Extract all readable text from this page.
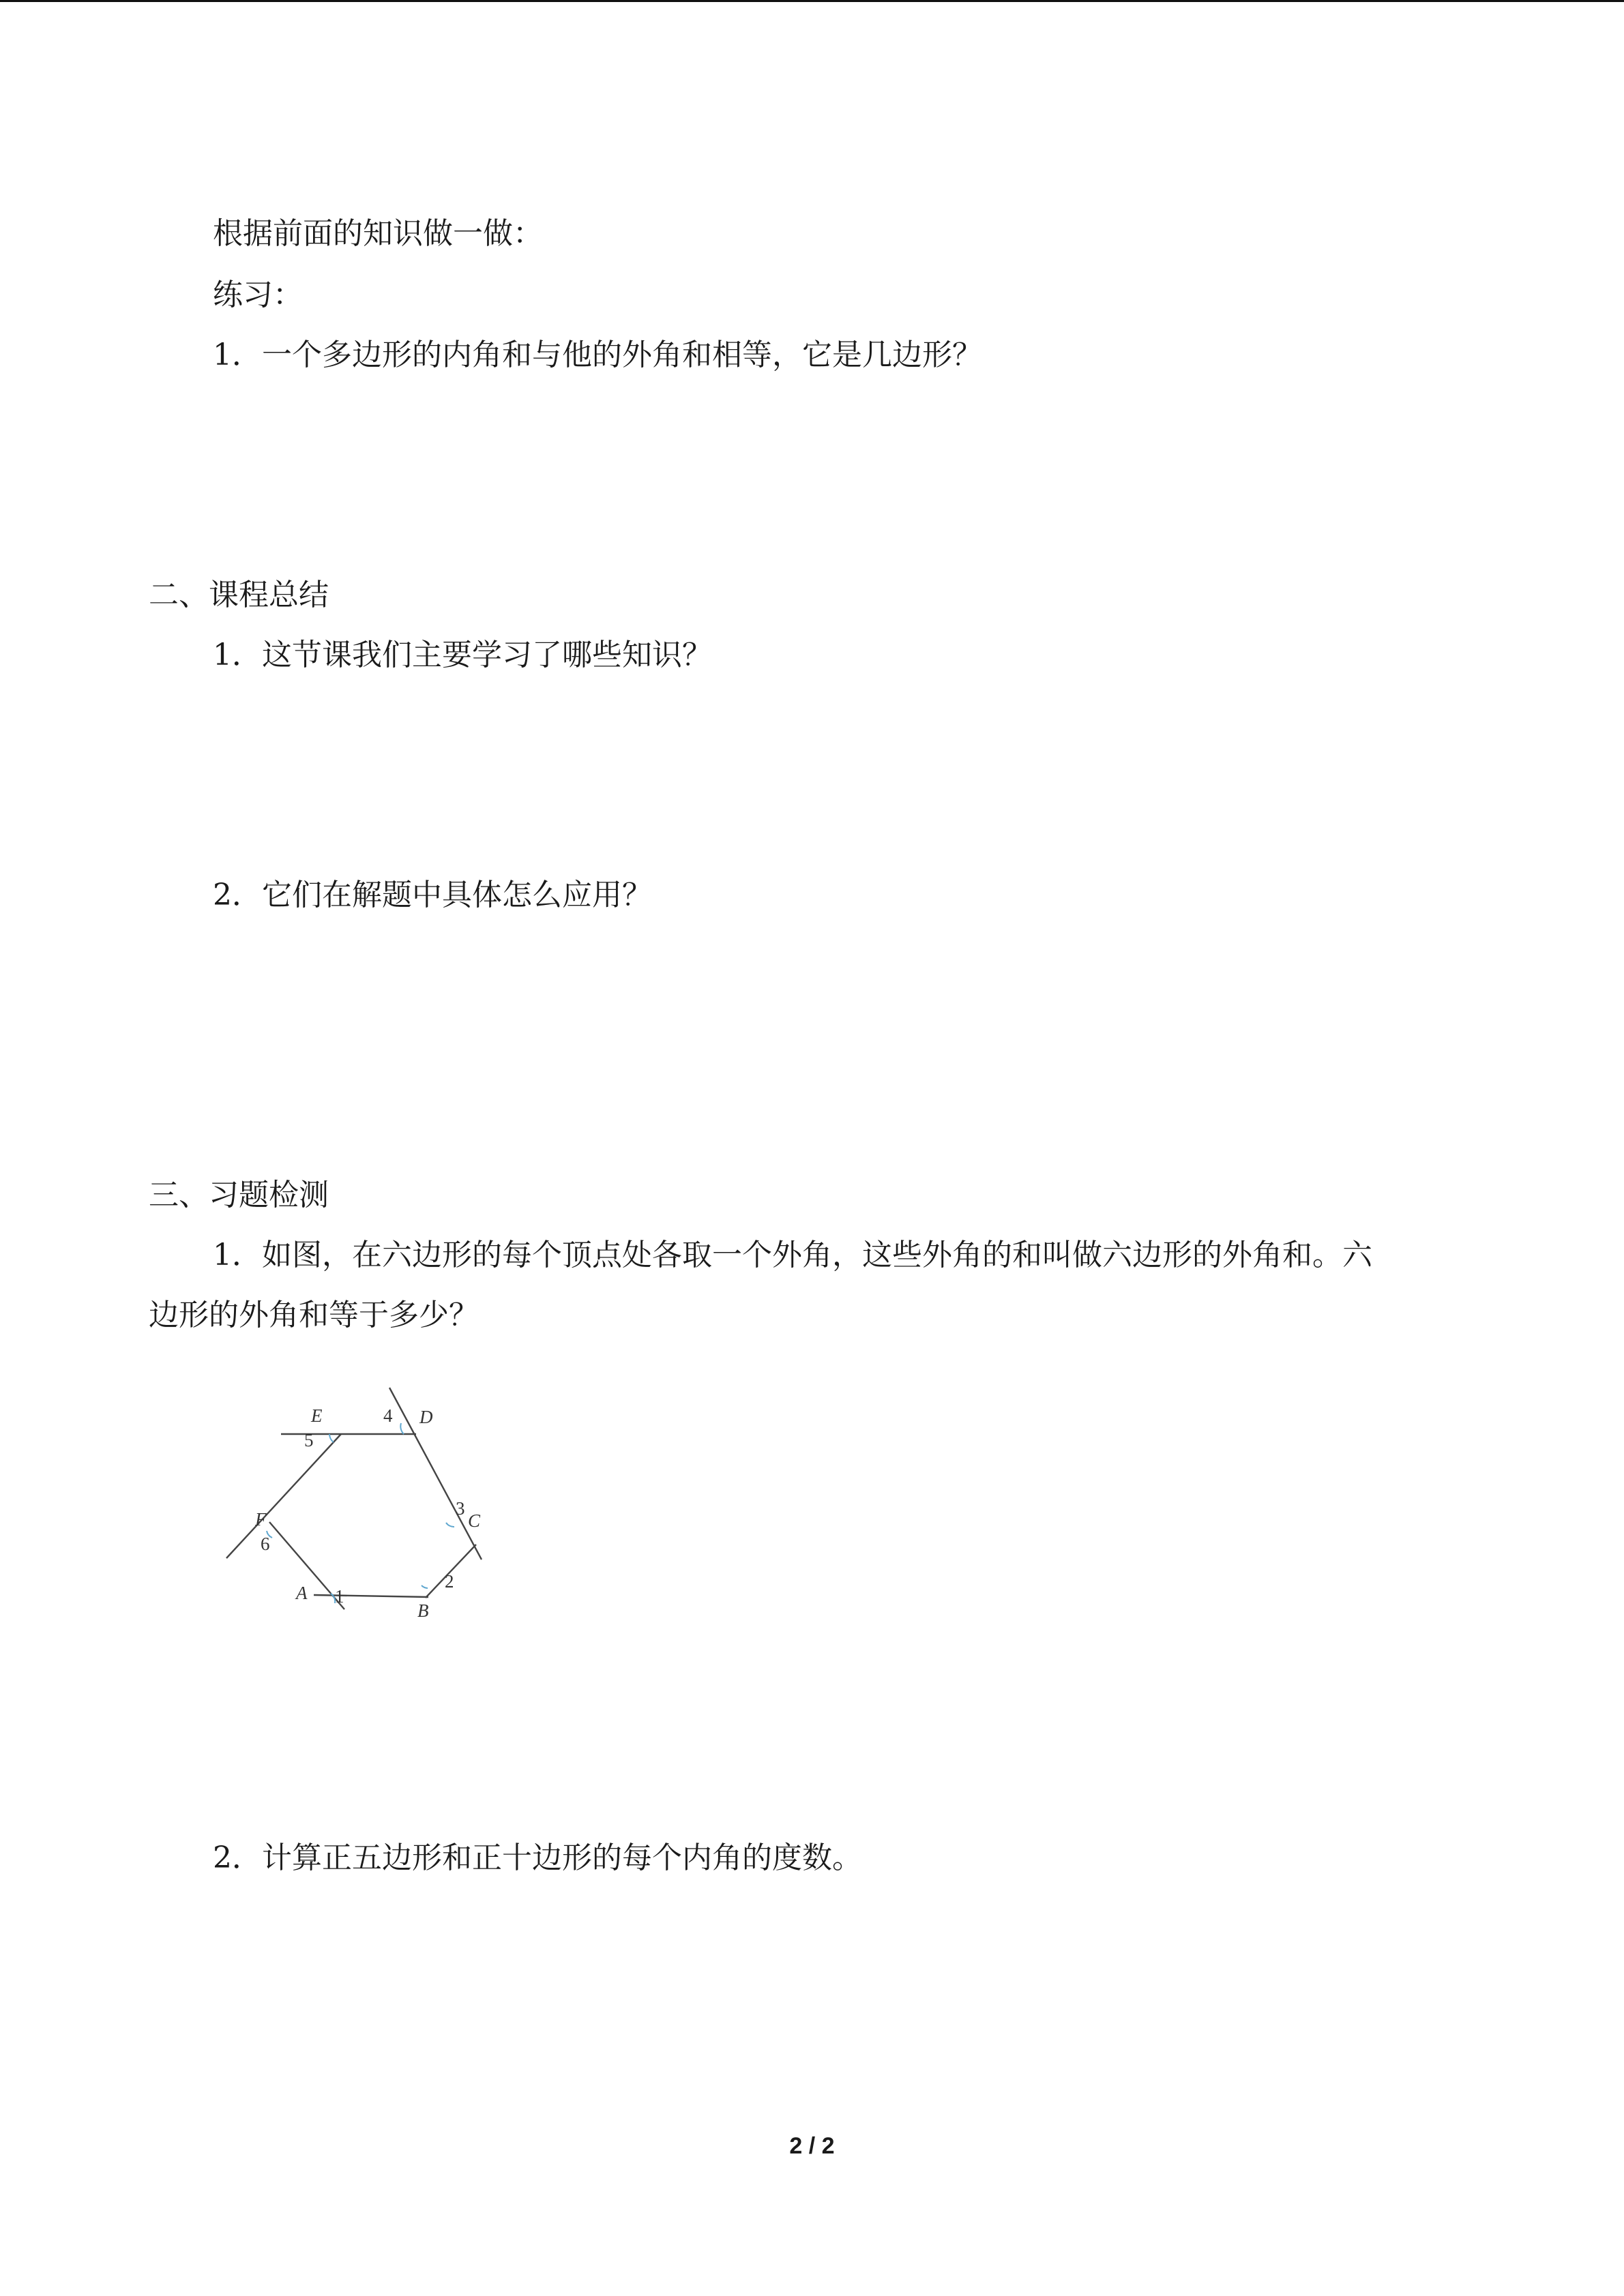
根据前面的知识做一做：
练习：
1．一个多边形的内角和与他的外角和相等，它是几边形？
二、课程总结
1．这节课我们主要学习了哪些知识？
2．它们在解题中具体怎么应用？
三、习题检测
1．如图，在六边形的每个顶点处各取一个外角，这些外角的和叫做六边形的外角和。六
边形的外角和等于多少？
E	D
C
B
A
F
1
2
3
4
5
6
2．计算正五边形和正十边形的每个内角的度数。
2 / 2
